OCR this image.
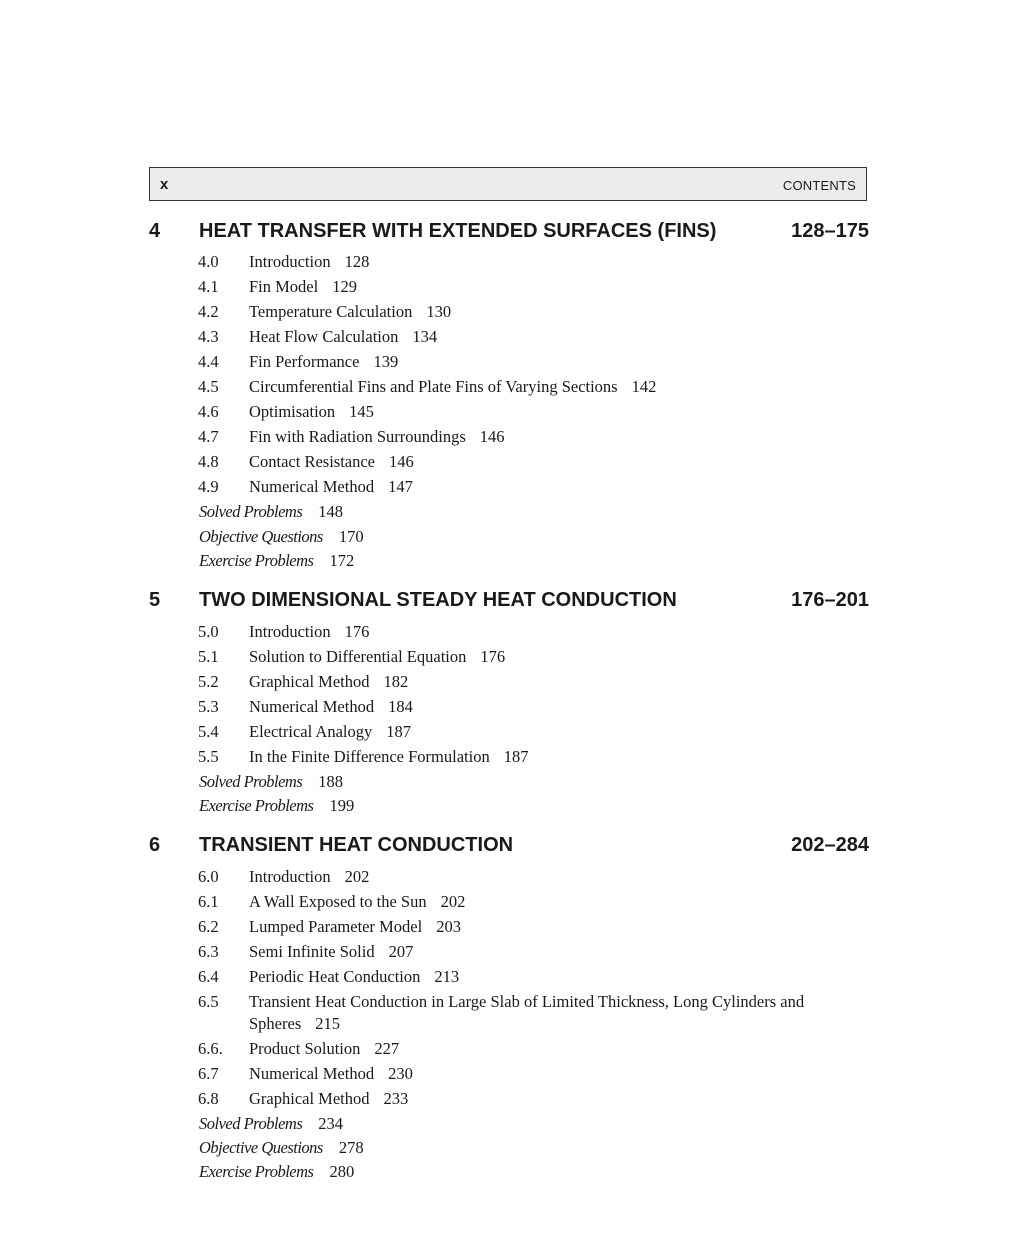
x	CONTENTS
4 HEAT TRANSFER WITH EXTENDED SURFACES (FINS)	128–175
4.0 Introduction 128
4.1 Fin Model 129
4.2 Temperature Calculation 130
4.3 Heat Flow Calculation 134
4.4 Fin Performance 139
4.5 Circumferential Fins and Plate Fins of Varying Sections 142
4.6 Optimisation 145
4.7 Fin with Radiation Surroundings 146
4.8 Contact Resistance 146
4.9 Numerical Method 147
Solved Problems 148
Objective Questions 170
Exercise Problems 172
5 TWO DIMENSIONAL STEADY HEAT CONDUCTION	176–201
5.0 Introduction 176
5.1 Solution to Differential Equation 176
5.2 Graphical Method 182
5.3 Numerical Method 184
5.4 Electrical Analogy 187
5.5 In the Finite Difference Formulation 187
Solved Problems 188
Exercise Problems 199
6 TRANSIENT HEAT CONDUCTION	202–284
6.0 Introduction 202
6.1 A Wall Exposed to the Sun 202
6.2 Lumped Parameter Model 203
6.3 Semi Infinite Solid 207
6.4 Periodic Heat Conduction 213
6.5 Transient Heat Conduction in Large Slab of Limited Thickness, Long Cylinders and Spheres 215
6.6. Product Solution 227
6.7 Numerical Method 230
6.8 Graphical Method 233
Solved Problems 234
Objective Questions 278
Exercise Problems 280
